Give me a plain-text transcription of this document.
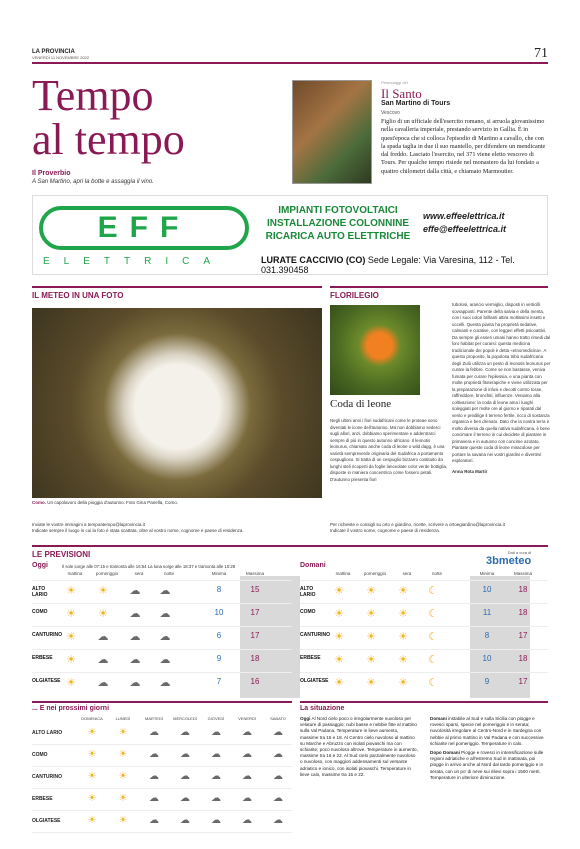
LA PROVINCIA
VENERDÌ 11 NOVEMBRE 2022	71
Tempo
al tempo
Il Proverbio
A San Martino, apri la botte e assaggia il vino.
Personaggi del
Il Santo
San Martino di Tours
Vescovo
Figlio di un ufficiale dell'esercito romano, si arruola giovanissimo nella cavalleria imperiale, prestando servizio in Gallia. È in quest'epoca che si colloca l'episodio di Martino a cavallo, che con la spada taglia in due il suo mantello, per difendere un mendicante dal freddo. Lasciato l'esercito, nel 371 viene eletto vescovo di Tours. Per qualche tempo risiede nel monastero da lui fondato a quattro chilometri dalla città, e chiamato Marmoutier.
EFF
ELETTRICA
IMPIANTI FOTOVOLTAICI
INSTALLAZIONE COLONNINE
RICARICA AUTO ELETTRICHE
www.effeelettrica.it
effe@effeelettrica.it
LURATE CACCIVIO (CO) Sede Legale: Via Varesina, 112 - Tel. 031.390458
IL METEO IN UNA FOTO
Como. Un capolavoro della pioggia d'autunno. Foto Gina Panella, Como.
Inviate le vostre immagini a tempoatempo@laprovincia.it
Indicate sempre il luogo in cui la foto è stata scattata, oltre al vostro nome, cognome e paese di residenza.
FLORILEGIO
Coda di leone
Negli ultimi anni i fiori sudafricani come le proteae sono diventati le icone dell'autunno. Ma non dobbiamo sederci sugli allori, anzi, dobbiamo sperimentare e addentrarci sempre di più in questo autunno africano. Il leonotis leonurus, chiamato anche coda di leone o wild dagg, è una varietà sempreverde originaria del Sudafrica a portamento cespuglioso. Si tratta di un cespuglio bizzarro costituito da lunghi steli ricoperti da foglie lanceolate color verde bottiglia, disposte in maniera concentrica come fossero petali. D'autunno presenta fiori
tubolosi, arancio vermiglio, disposti in verticilli sovrapposti. Parente della salvia e della menta, con i suoi colori brillanti attira moltissimi insetti e uccelli. Questa pianta ha proprietà sedative, calmanti e curative, con leggeri effetti psicoattivi. Da sempre gli esseri umani hanno tratto rimedi dal loro habitat per curarsi: questa medicina tradizionale dei popoli è detta «etnomedicina». A questo proposito, la popolosa tribù sudafricana degli Zulù utilizza un pesto di leonotis leonurus per curare la febbre. Come se non bastasse, veniva fumata per curare l'epilessia, e una pianta con molte proprietà fitoterapiche e viene utilizzata per la preparazione di infusi e decotti contro tosse, raffreddore, bronchiti, influenze. Veniamo alla coltivazione: la coda di leone ama i luoghi soleggiati per molte ore al giorno e riparati dal vento e predilige il terreno fertile, ricco di sostanza organica e ben drenato. Dato che la nostra terra è molto diversa da quella nativa sudafricana, è bene concimare il terreno in cui decidete di piantare in primavera e in autunno con concime azotato. Piantate queste coda di leone miracolose per portare la savana nei vostri giardini e divertirvi esploratori.
Anna Rota Martir
Per richieste e consigli su orto e giardino, ricette, scrivere a ortoegiardino@laprovincia.it
Indicate il vostro nome, cognome e paese di residenza.
LE PREVISIONI	Dati a cura di
3bmeteo
Oggi	Il sole sorge alle 07:15 e tramonta alle 16:54 La luna sorge alle 18:37 e tramonta alle 10:28	Domani
mattina	pomeriggio	sera	notte	Minima	Massima
ALTO LARIO	☀ ☀ ☁ ☁	8	15
COMO	☀ ☀ ☁ ☁	10	17
CANTURINO ☀ ☁ ☁ ☁	6	17
ERBESE	☀ ☁ ☁ ☁	9	18
OLGIATESE ☀ ☁ ☁ ☁	7	16
mattina	pomeriggio	sera	notte	Minima	Massima
ALTO LARIO	☀ ☀ ☀ ☾	10	18
COMO	☀ ☀ ☀ ☾	11	18
CANTURINO ☀ ☀ ☀ ☾	8	17
ERBESE	☀ ☀ ☀ ☾	10	18
OLGIATESE ☀ ☀ ☀ ☾	9	17
... E nei prossimi giorni
DOMENICA	LUNEDÌ	MARTEDÌ	MERCOLEDÌ	GIOVEDÌ	VENERDÌ	SABATO
ALTO LARIO	☀	☀	☁	☁	☁	☁	☁
COMO	☀	☀	☁	☁	☁	☁	☁
CANTURINO	☀	☀	☁	☁	☁	☁	☁
ERBESE	☀	☀	☁	☁	☁	☁	☁
OLGIATESE	☀	☀	☁	☁	☁	☁	☁
La situazione
Oggi Al Nord cielo poco o irregolarmente nuvoloso per velature di passaggio; nubi basse e nebbie fitte al mattino sulla Val Padana. Temperature in lieve aumento, massime tra 15 e 18. Al Centro cielo nuvoloso al mattino su Marche e Abruzzo con isolati piovaschi ma con schiarite; poco nuvoloso altrove. Temperature in aumento, massime tra 16 e 22. Al Sud cielo parzialmente nuvoloso o nuvoloso, con maggiori addensamenti sul versante adriatico e ionico, con isolati piovaschi. Temperature in lieve calo, massime tra 15 e 22.
Domani instabile al Sud e sulla Sicilia con piogge e rovesci sparsi, specie nel pomeriggio e in serata; nuvolosità irregolare al Centro-Nord e in Sardegna con nebbie al primo mattino in Val Padana e con successive schiarite nel pomeriggio. Temperature in calo.
Dopo Domani Piogge e rovesci in intensificazione sulle regioni adriatiche e all'estremo Sud in mattinata, poi piogge in arrivo anche al Nord dal tardo pomeriggio e in serata, con un po' di neve sui rilievi sopra i 1500 metri. Temperature in ulteriore diminuzione.
